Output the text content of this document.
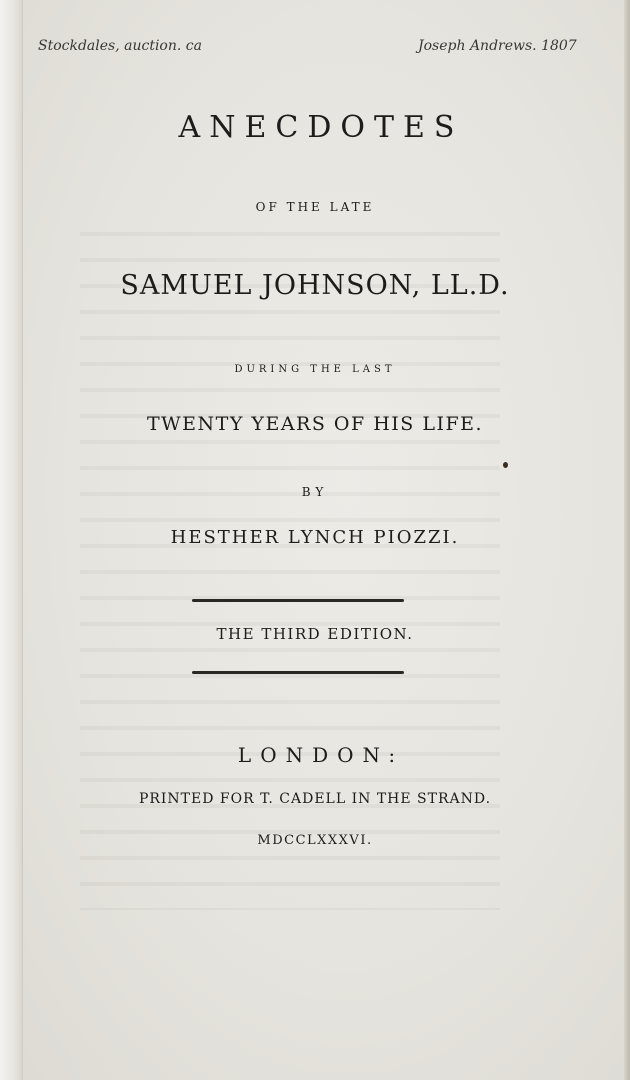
Stockdales, auction. ca	Joseph Andrews. 1807
ANECDOTES
OF THE LATE
SAMUEL JOHNSON, LL.D.
DURING THE LAST
TWENTY YEARS OF HIS LIFE.
BY
HESTHER LYNCH PIOZZI.
THE THIRD EDITION.
LONDON:
PRINTED FOR T. CADELL IN THE STRAND.
MDCCLXXXVI.
